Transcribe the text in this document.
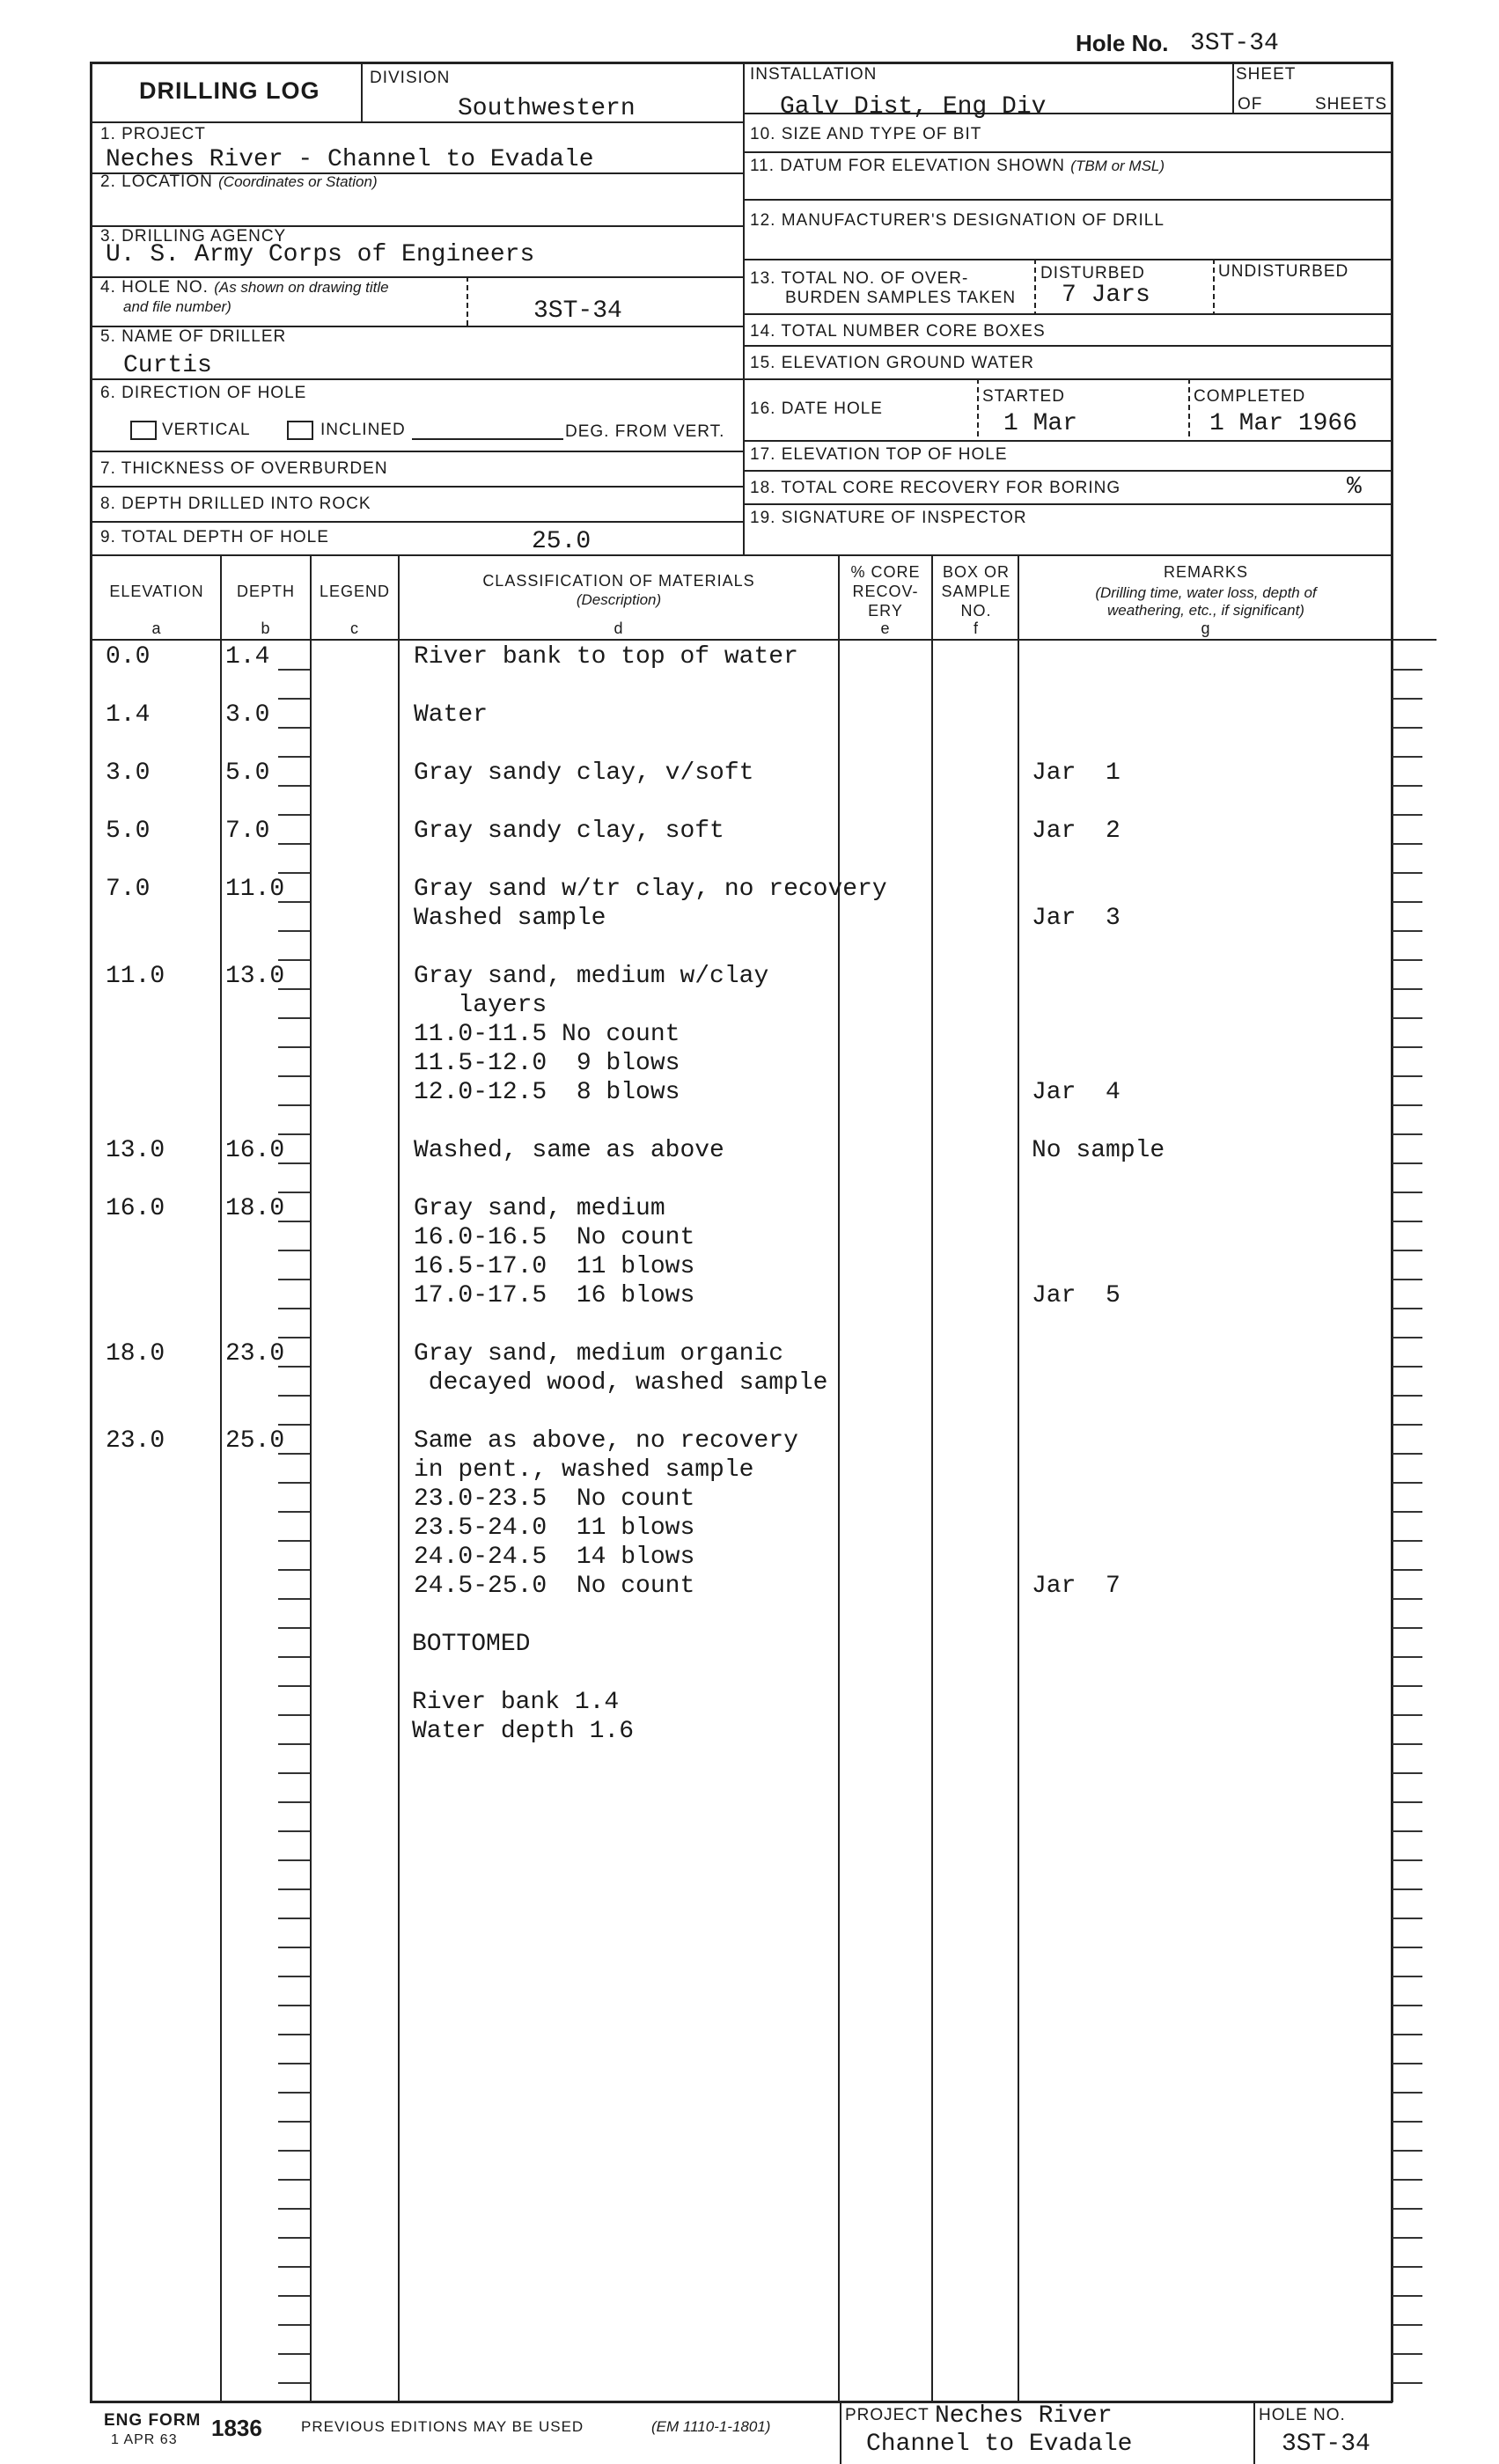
Hole No. 3ST-34
DRILLING LOG	DIVISION
Southwestern
INSTALLATION
Galv Dist, Eng Div
SHEET
OF	SHEETS
1. PROJECT
Neches River - Channel to Evadale
2. LOCATION (Coordinates or Station)
3. DRILLING AGENCY
U. S. Army Corps of Engineers
4. HOLE NO. (As shown on drawing title
and file number)	3ST-34
5. NAME OF DRILLER
Curtis
6. DIRECTION OF HOLE
VERTICAL	INCLINED	DEG. FROM VERT.
7. THICKNESS OF OVERBURDEN
8. DEPTH DRILLED INTO ROCK
9. TOTAL DEPTH OF HOLE	25.0
10. SIZE AND TYPE OF BIT
11. DATUM FOR ELEVATION SHOWN (TBM or MSL)
12. MANUFACTURER'S DESIGNATION OF DRILL
13. TOTAL NO. OF OVER-
BURDEN SAMPLES TAKEN
DISTURBED
7 Jars
UNDISTURBED
14. TOTAL NUMBER CORE BOXES
15. ELEVATION GROUND WATER
16. DATE HOLE
STARTED
1 Mar
COMPLETED
1 Mar 1966
17. ELEVATION TOP OF HOLE
18. TOTAL CORE RECOVERY FOR BORING	%
19. SIGNATURE OF INSPECTOR
ELEVATION	DEPTH	LEGEND
CLASSIFICATION OF MATERIALS
(Description)
% CORE
RECOV-
ERY
BOX OR
SAMPLE
NO.
REMARKS
(Drilling time, water loss, depth of
weathering, etc., if significant)
a	b	c	d	e	f	g
0.0	1.4	River bank to top of water
1.4	3.0	Water
3.0	5.0	Gray sandy clay, v/soft	Jar  1
5.0	7.0	Gray sandy clay, soft	Jar  2
7.0	11.0	Gray sand w/tr clay, no recovery
Washed sample	Jar  3
11.0 13.0	Gray sand, medium w/clay
layers
11.0-11.5 No count
11.5-12.0  9 blows
12.0-12.5  8 blows	Jar  4
13.0 16.0	Washed, same as above	No sample
16.0 18.0	Gray sand, medium
16.0-16.5  No count
16.5-17.0  11 blows
17.0-17.5  16 blows	Jar  5
18.0 23.0	Gray sand, medium organic
decayed wood, washed sample
23.0 25.0	Same as above, no recovery
in pent., washed sample
23.0-23.5  No count
23.5-24.0  11 blows
24.0-24.5  14 blows
24.5-25.0  No count	Jar  7
BOTTOMED
River bank 1.4
Water depth 1.6
ENG FORM 1836
1 APR 63
PREVIOUS EDITIONS MAY BE USED	(EM 1110-1-1801)
PROJECT Neches River
Channel to Evadale
HOLE NO.
3ST-34
